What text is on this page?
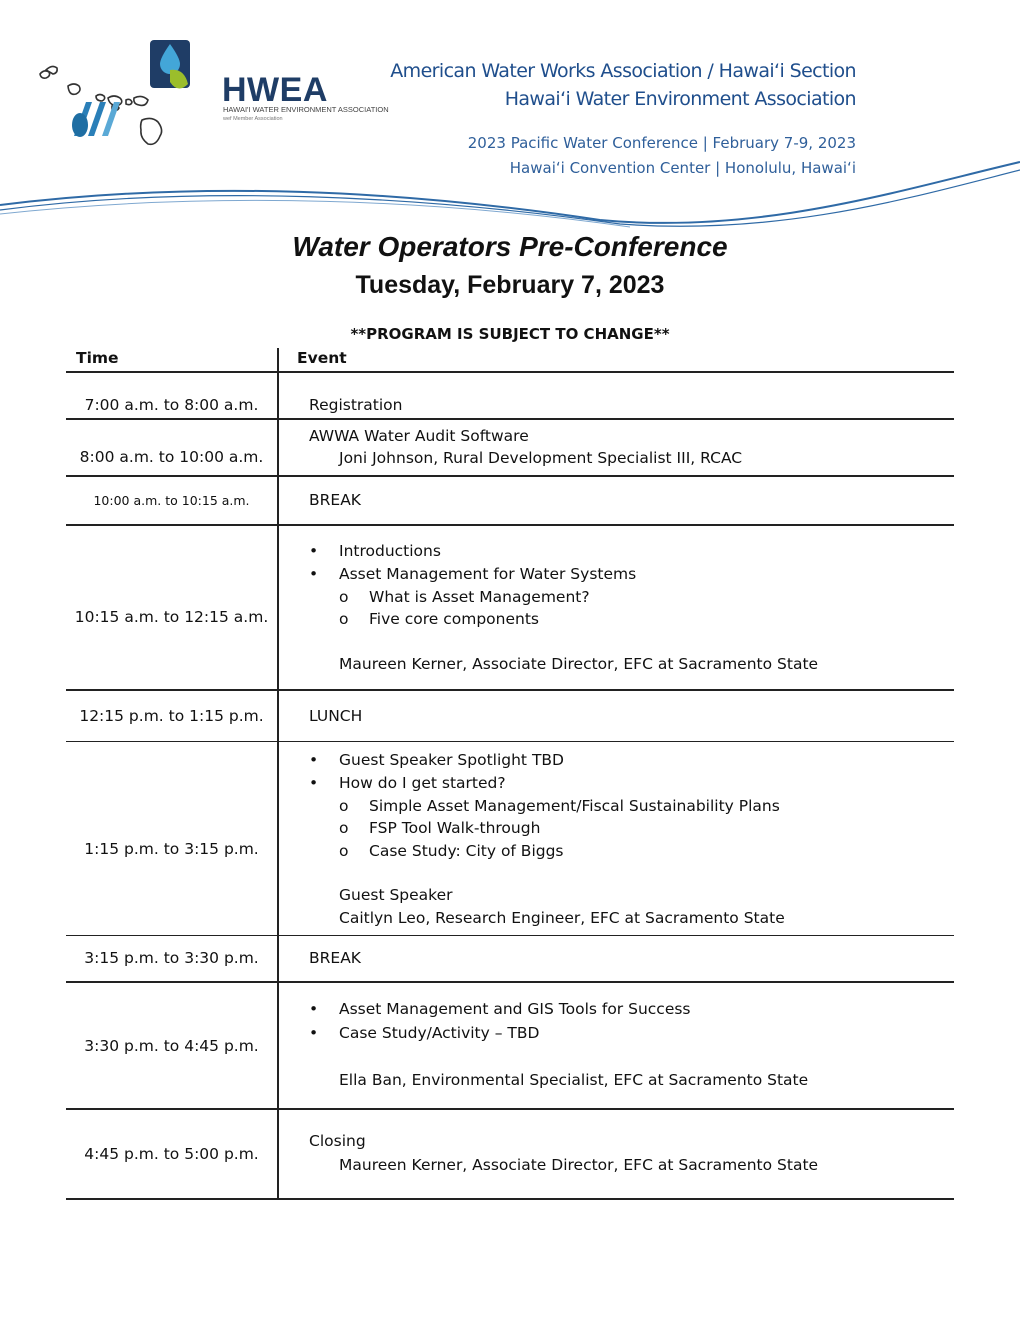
HWEA
HAWAI'I WATER ENVIRONMENT ASSOCIATION
wef Member Association
American Water Works Association / Hawaiʻi Section
Hawaiʻi Water Environment Association
2023 Pacific Water Conference | February 7-9, 2023
Hawaiʻi Convention Center | Honolulu, Hawaiʻi
Water Operators Pre-Conference
Tuesday, February 7, 2023
**PROGRAM IS SUBJECT TO CHANGE**
Time	Event
7:00 a.m. to 8:00 a.m.	Registration
8:00 a.m. to 10:00 a.m.
AWWA Water Audit Software
Joni Johnson, Rural Development Specialist III, RCAC
10:00 a.m. to 10:15 a.m.	BREAK
10:15 a.m. to 12:15 a.m.
• Introductions
• Asset Management for Water Systems
o What is Asset Management?
o Five core components
Maureen Kerner, Associate Director, EFC at Sacramento State
12:15 p.m. to 1:15 p.m.	LUNCH
1:15 p.m. to 3:15 p.m.
• Guest Speaker Spotlight TBD
• How do I get started?
o Simple Asset Management/Fiscal Sustainability Plans
o FSP Tool Walk-through
o Case Study: City of Biggs
Guest Speaker
Caitlyn Leo, Research Engineer, EFC at Sacramento State
3:15 p.m. to 3:30 p.m.	BREAK
3:30 p.m. to 4:45 p.m.
• Asset Management and GIS Tools for Success
• Case Study/Activity – TBD
Ella Ban, Environmental Specialist, EFC at Sacramento State
4:45 p.m. to 5:00 p.m.
Closing
Maureen Kerner, Associate Director, EFC at Sacramento State
